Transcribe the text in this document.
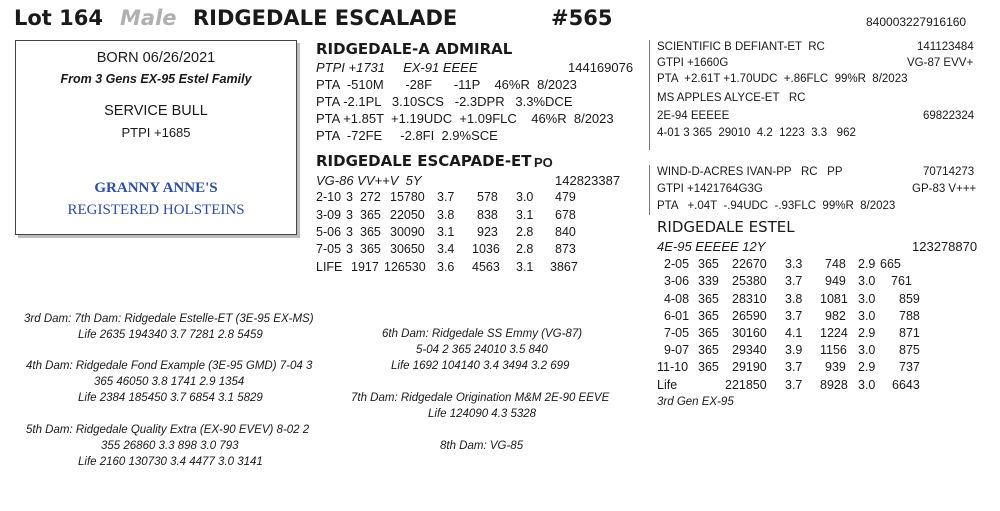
Lot 164 Male RIDGEDALE ESCALADE	#565	840003227916160
BORN 06/26/2021
From 3 Gens EX-95 Estel Family
SERVICE BULL
PTPI +1685
GRANNY ANNE'S
REGISTERED HOLSTEINS
RIDGEDALE-A ADMIRAL
PTPI +1731     EX-91 EEEE	144169076
PTA  -510M      -28F      -11P    46%R  8/2023
PTA -2.1PL   3.10SCS   -2.3DPR   3.3%DCE
PTA +1.85T  +1.19UDC  +1.09FLC    46%R  8/2023
PTA  -72FE     -2.8FI  2.9%SCE
RIDGEDALE ESCAPADE-ET PO
VG-86 VV++V  5Y	142823387
2-10 3 272 15780 3.7 578 3.0 479
3-09 3 365 22050 3.8 838 3.1 678
5-06 3 365 30090 3.1 923 2.8 840
7-05 3 365 30650 3.4 1036 2.8 873
LIFE 1917 126530 3.6 4563 3.1 3867
SCIENTIFIC B DEFIANT-ET  RC	141123484
GTPI +1660G	VG-87 EVV+
PTA  +2.61T +1.70UDC  +.86FLC  99%R  8/2023
MS APPLES ALYCE-ET   RC
2E-94 EEEEE	69822324
4-01 3 365  29010  4.2  1223  3.3   962
WIND-D-ACRES IVAN-PP   RC   PP	70714273
GTPI +1421764G3G	GP-83 V+++
PTA   +.04T  -.94UDC  -.93FLC  99%R  8/2023
RIDGEDALE ESTEL
4E-95 EEEEE 12Y	123278870
2-05 365 22670 3.3 748 2.9 665
3-06 339 25380 3.7 949 3.0 761
4-08 365 28310 3.8 1081 3.0 859
6-01 365 26590 3.7 982 3.0 788
7-05 365 30160 4.1 1224 2.9 871
9-07 365 29340 3.9 1156 3.0 875
11-10 365 29190 3.7 939 2.9 737
Life	221850 3.7 8928 3.0 6643
3rd Gen EX-95
3rd Dam: 7th Dam: Ridgedale Estelle-ET (3E-95 EX-MS)
Life 2635 194340 3.7 7281 2.8 5459
4th Dam: Ridgedale Fond Example (3E-95 GMD) 7-04 3
365 46050 3.8 1741 2.9 1354
Life 2384 185450 3.7 6854 3.1 5829
5th Dam: Ridgedale Quality Extra (EX-90 EVEV) 8-02 2
355 26860 3.3 898 3.0 793
Life 2160 130730 3.4 4477 3.0 3141
6th Dam: Ridgedale SS Emmy (VG-87)
5-04 2 365 24010 3.5 840
Life 1692 104140 3.4 3494 3.2 699
7th Dam: Ridgedale Origination M&M 2E-90 EEVE
Life 124090 4.3 5328
8th Dam: VG-85
